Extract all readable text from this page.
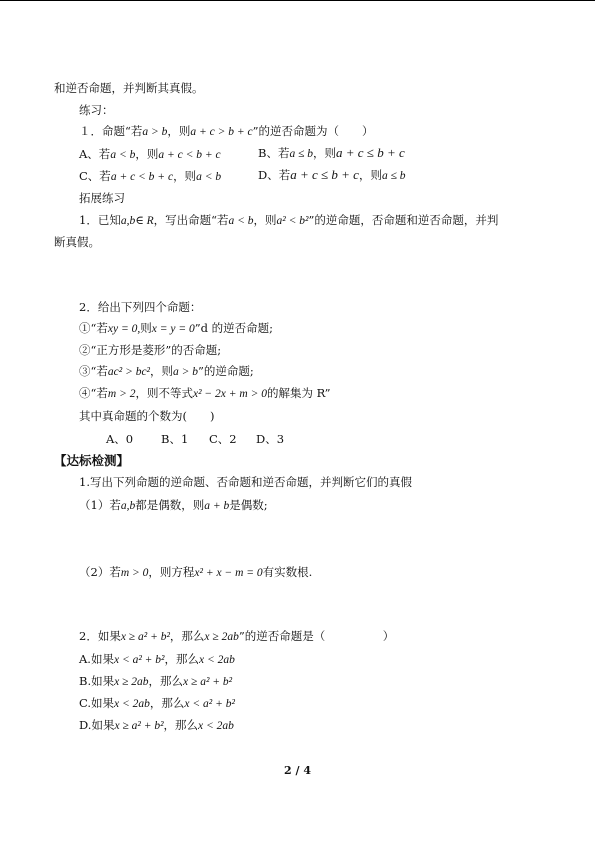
和逆否命题，并判断其真假。
练习：
１．命题“若a > b，则a + c > b + c”的逆否命题为（　　）
A、若a < b，则a + c < b + c	B、若a ≤ b，则a + c ≤ b + c
C、若a + c < b + c，则a < b	D、若a + c ≤ b + c，则a ≤ b
拓展练习
1．已知a,b∈ R，写出命题“若a < b，则a² < b²”的逆命题，否命题和逆否命题，并判
断真假。
2．给出下列四个命题：
①“若xy = 0,则x = y = 0”d 的逆否命题;
②“正方形是菱形”的否命题;
③“若ac² > bc²，则a > b”的逆命题;
④“若m > 2，则不等式x² − 2x + m > 0的解集为 R”
其中真命题的个数为(　　)
A、0 B、1 C、2 D、3
【达标检测】
1.写出下列命题的逆命题、否命题和逆否命题，并判断它们的真假
（1）若a,b都是偶数，则a + b是偶数;
（2）若m > 0，则方程x² + x − m = 0有实数根.
2．如果x ≥ a² + b²，那么x ≥ 2ab”的逆否命题是（　　　　　）
A.如果x < a² + b²，那么x < 2ab
B.如果x ≥ 2ab，那么x ≥ a² + b²
C.如果x < 2ab，那么x < a² + b²
D.如果x ≥ a² + b²，那么x < 2ab
2 / 4
